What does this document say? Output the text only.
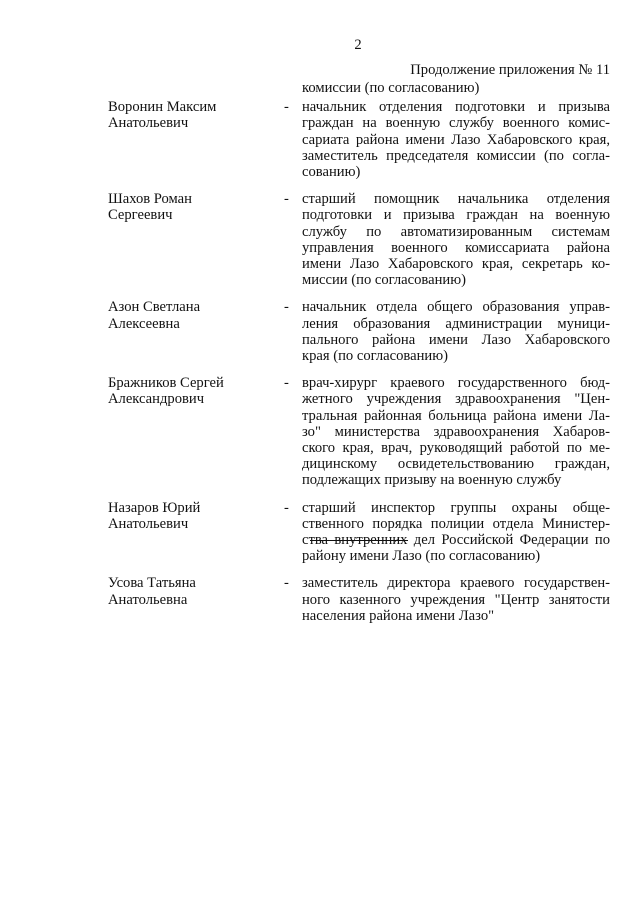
2
Продолжение приложения № 11
комиссии (по согласованию)
Воронин Максим
Анатольевич
- начальник отделения подготовки и призыва
граждан на военную службу военного комис-
сариата района имени Лазо Хабаровского края,
заместитель председателя комиссии (по согла-
сованию)
Шахов Роман
Сергеевич
- старший помощник начальника отделения
подготовки и призыва граждан на военную
службу по автоматизированным системам
управления военного комиссариата района
имени Лазо Хабаровского края, секретарь ко-
миссии (по согласованию)
Азон Светлана
Алексеевна
- начальник отдела общего образования управ-
ления образования администрации муници-
пального района имени Лазо Хабаровского
края (по согласованию)
Бражников Сергей
Александрович
- врач-хирург краевого государственного бюд-
жетного учреждения здравоохранения "Цен-
тральная районная больница района имени Ла-
зо" министерства здравоохранения Хабаров-
ского края, врач, руководящий работой по ме-
дицинскому освидетельствованию граждан,
подлежащих призыву на военную службу
Назаров Юрий
Анатольевич
- старший инспектор группы охраны обще-
ственного порядка полиции отдела Министер-
ства внутренних дел Российской Федерации по
району имени Лазо (по согласованию)
Усова Татьяна
Анатольевна
- заместитель директора краевого государствен-
ного казенного учреждения "Центр занятости
населения района имени Лазо"
